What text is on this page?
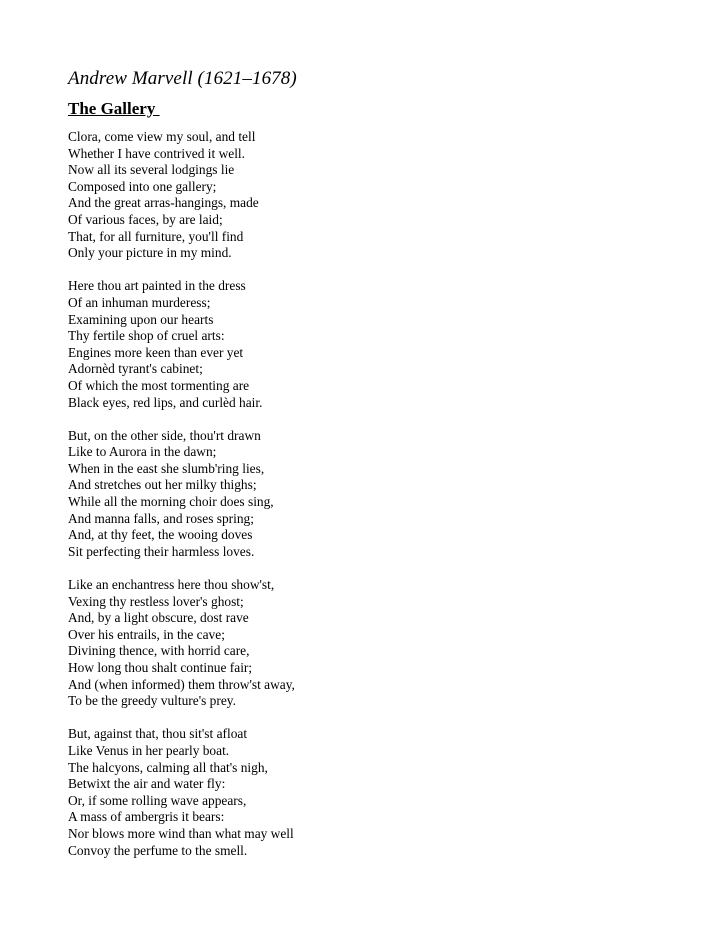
Andrew Marvell (1621–1678)
The Gallery
Clora, come view my soul, and tell
Whether I have contrived it well.
Now all its several lodgings lie
Composed into one gallery;
And the great arras-hangings, made
Of various faces, by are laid;
That, for all furniture, you'll find
Only your picture in my mind.
Here thou art painted in the dress
Of an inhuman murderess;
Examining upon our hearts
Thy fertile shop of cruel arts:
Engines more keen than ever yet
Adornèd tyrant's cabinet;
Of which the most tormenting are
Black eyes, red lips, and curlèd hair.
But, on the other side, thou'rt drawn
Like to Aurora in the dawn;
When in the east she slumb'ring lies,
And stretches out her milky thighs;
While all the morning choir does sing,
And manna falls, and roses spring;
And, at thy feet, the wooing doves
Sit perfecting their harmless loves.
Like an enchantress here thou show'st,
Vexing thy restless lover's ghost;
And, by a light obscure, dost rave
Over his entrails, in the cave;
Divining thence, with horrid care,
How long thou shalt continue fair;
And (when informed) them throw'st away,
To be the greedy vulture's prey.
But, against that, thou sit'st afloat
Like Venus in her pearly boat.
The halcyons, calming all that's nigh,
Betwixt the air and water fly:
Or, if some rolling wave appears,
A mass of ambergris it bears:
Nor blows more wind than what may well
Convoy the perfume to the smell.
